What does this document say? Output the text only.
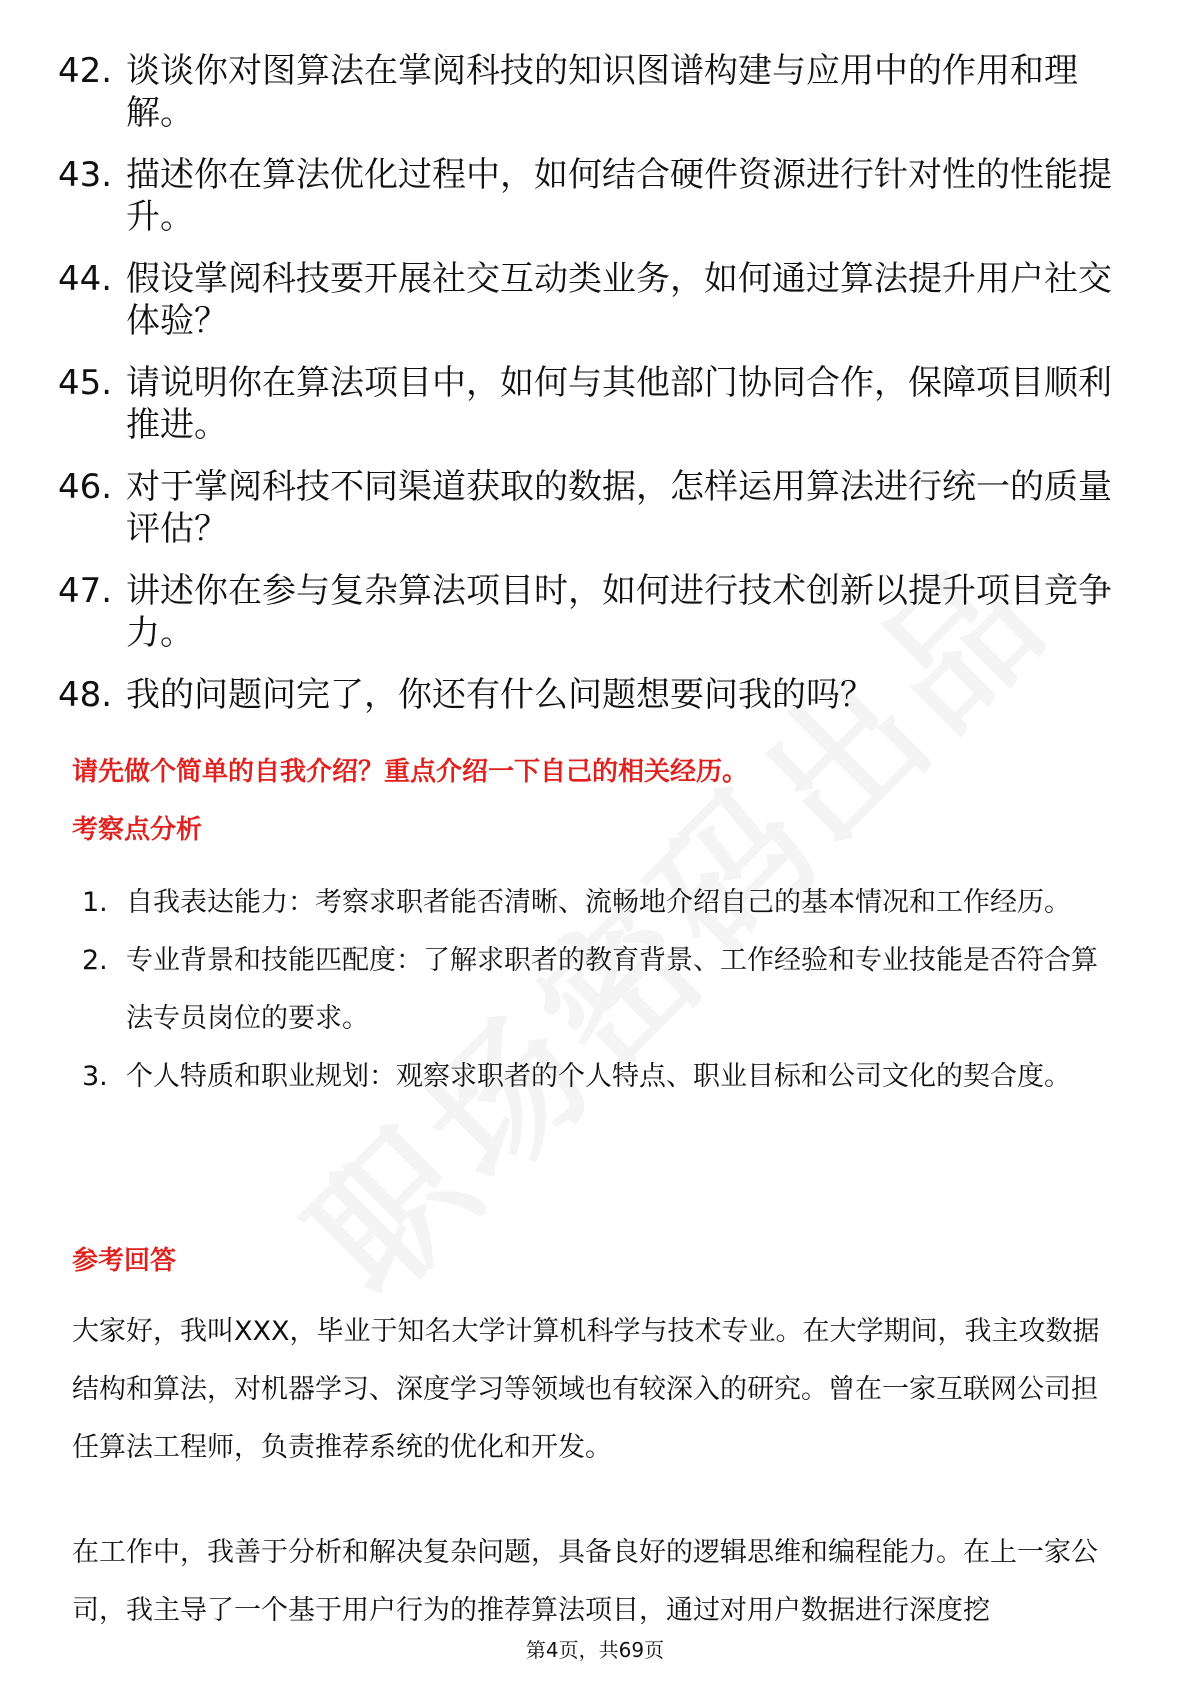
42. 谈谈你对图算法在掌阅科技的知识图谱构建与应用中的作用和理解。
43. 描述你在算法优化过程中，如何结合硬件资源进行针对性的性能提升。
44. 假设掌阅科技要开展社交互动类业务，如何通过算法提升用户社交体验？
45. 请说明你在算法项目中，如何与其他部门协同合作，保障项目顺利推进。
46. 对于掌阅科技不同渠道获取的数据，怎样运用算法进行统一的质量评估？
47. 讲述你在参与复杂算法项目时，如何进行技术创新以提升项目竞争力。
48. 我的问题问完了，你还有什么问题想要问我的吗？
请先做个简单的自我介绍？重点介绍一下自己的相关经历。
考察点分析
1. 自我表达能力：考察求职者能否清晰、流畅地介绍自己的基本情况和工作经历。
2. 专业背景和技能匹配度：了解求职者的教育背景、工作经验和专业技能是否符合算法专员岗位的要求。
3. 个人特质和职业规划：观察求职者的个人特点、职业目标和公司文化的契合度。
参考回答
大家好，我叫XXX，毕业于知名大学计算机科学与技术专业。在大学期间，我主攻数据结构和算法，对机器学习、深度学习等领域也有较深入的研究。曾在一家互联网公司担任算法工程师，负责推荐系统的优化和开发。
在工作中，我善于分析和解决复杂问题，具备良好的逻辑思维和编程能力。在上一家公司，我主导了一个基于用户行为的推荐算法项目，通过对用户数据进行深度挖
第4页，共69页
